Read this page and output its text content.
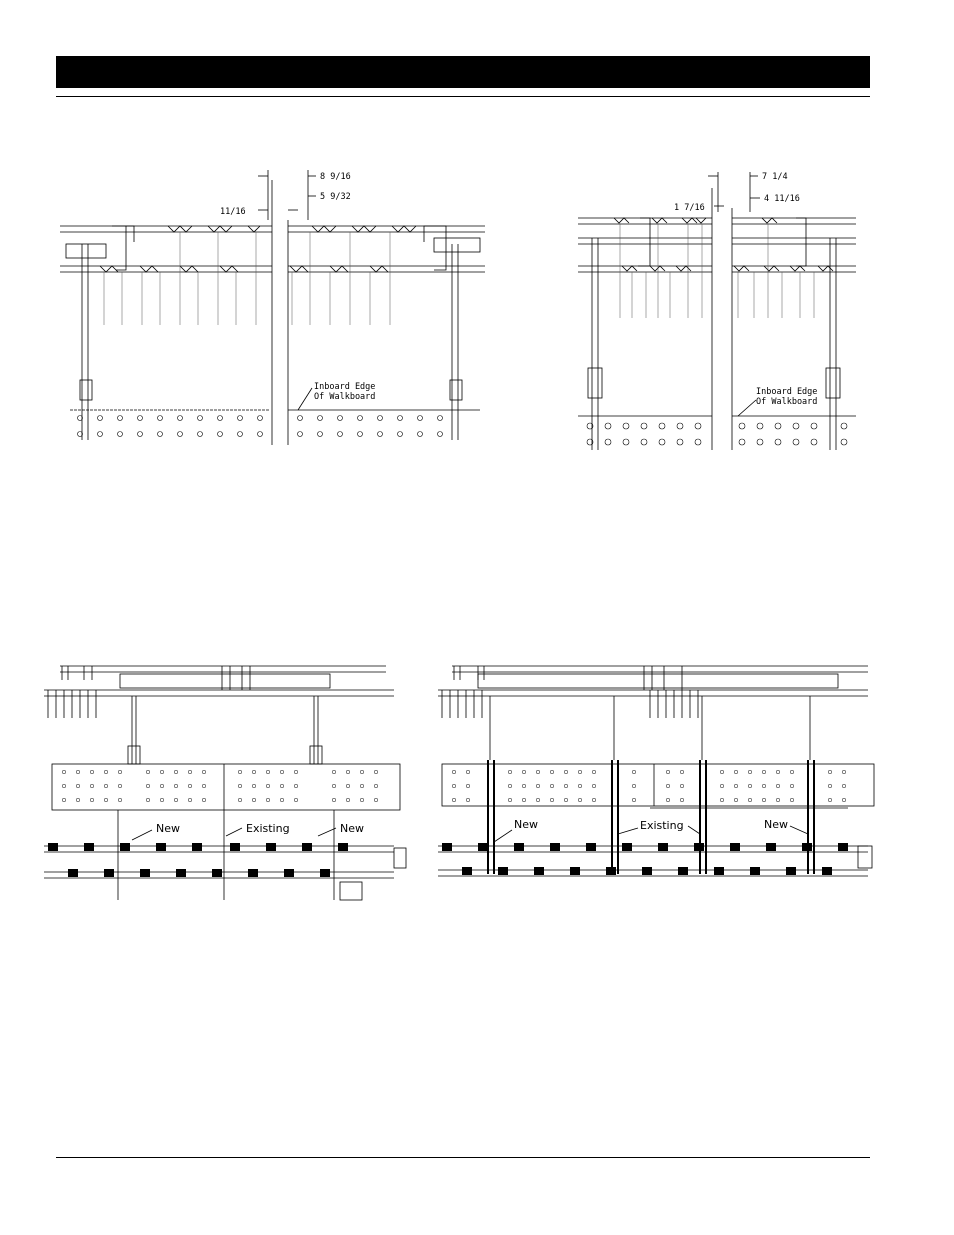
8 9/16
5 9/32
11/16
Inboard Edge
Of Walkboard
7 1/4
1 7/16
4 11/16
Inboard Edge
Of Walkboard
New	Existing	New	New	Existing	New
